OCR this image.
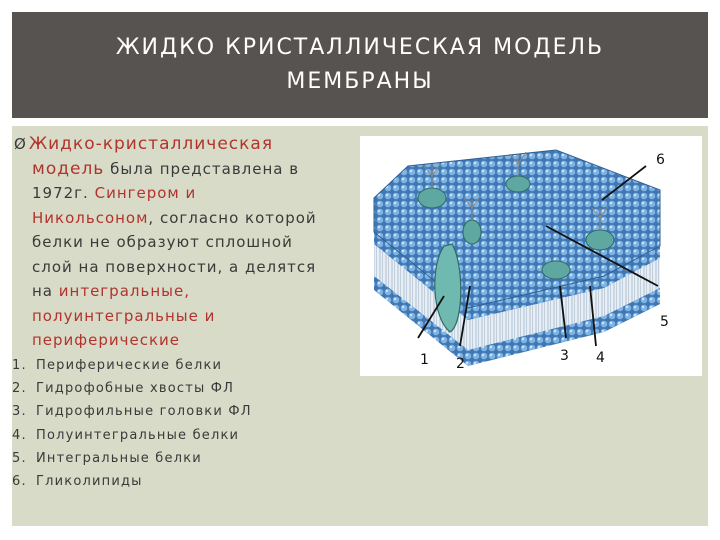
ЖИДКО КРИСТАЛЛИЧЕСКАЯ МОДЕЛЬ
МЕМБРАНЫ
Ø Жидко-кристаллическая
модель была представлена в
1972г. Сингером и
Никольсоном, согласно которой
белки не образуют сплошной
слой на поверхности, а делятся
на интегральные,
полуинтегральные и
периферические
1. Периферические белки
2. Гидрофобные хвосты ФЛ
3. Гидрофильные головки ФЛ
4. Полуинтегральные белки
5. Интегральные белки
6. Гликолипиды
1 2	3 4
5
6
